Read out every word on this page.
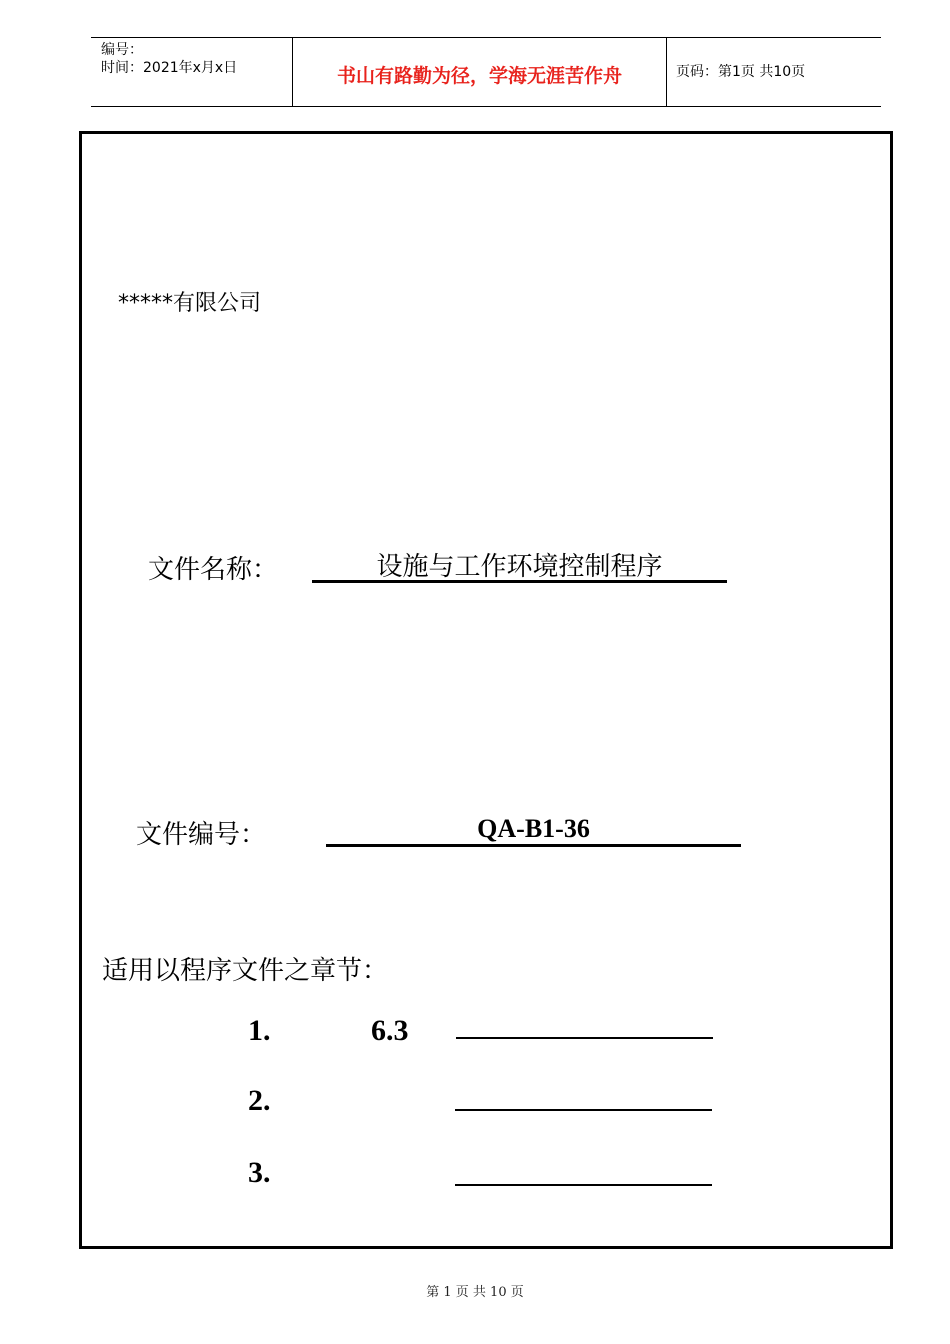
编号：
时间：2021年x月x日	书山有路勤为径，学海无涯苦作舟	页码：第1页 共10页
*****有限公司
文件名称：	设施与工作环境控制程序
文件编号：	QA-B1-36
适用以程序文件之章节：
1.	6.3
2.
3.
第 1 页 共 10 页
